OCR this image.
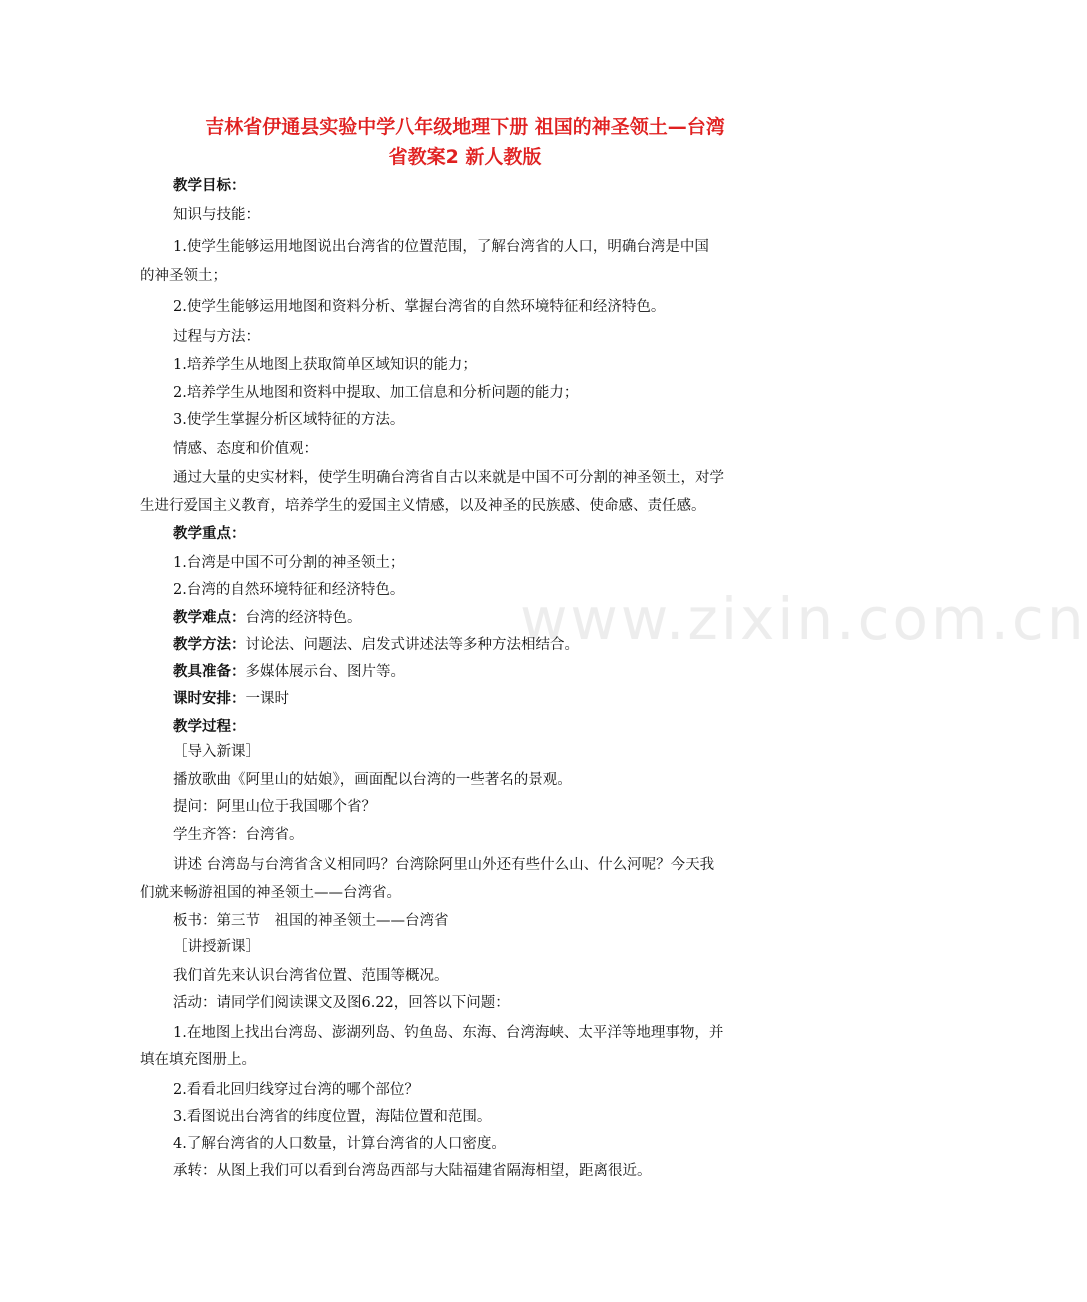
www.zixin.com.cn
吉林省伊通县实验中学八年级地理下册 祖国的神圣领土—台湾
省教案2 新人教版
教学目标：
知识与技能：
1.使学生能够运用地图说出台湾省的位置范围，了解台湾省的人口，明确台湾是中国
的神圣领土；
2.使学生能够运用地图和资料分析、掌握台湾省的自然环境特征和经济特色。
过程与方法：
1.培养学生从地图上获取简单区域知识的能力；
2.培养学生从地图和资料中提取、加工信息和分析问题的能力；
3.使学生掌握分析区域特征的方法。
情感、态度和价值观：
通过大量的史实材料，使学生明确台湾省自古以来就是中国不可分割的神圣领土，对学
生进行爱国主义教育，培养学生的爱国主义情感，以及神圣的民族感、使命感、责任感。
教学重点：
1.台湾是中国不可分割的神圣领土；
2.台湾的自然环境特征和经济特色。
教学难点：台湾的经济特色。
教学方法：讨论法、问题法、启发式讲述法等多种方法相结合。
教具准备：多媒体展示台、图片等。
课时安排：一课时
教学过程：
［导入新课］
播放歌曲《阿里山的姑娘》，画面配以台湾的一些著名的景观。
提问：阿里山位于我国哪个省？
学生齐答：台湾省。
讲述 台湾岛与台湾省含义相同吗？台湾除阿里山外还有些什么山、什么河呢？今天我
们就来畅游祖国的神圣领土——台湾省。
板书：第三节　祖国的神圣领土——台湾省
［讲授新课］
我们首先来认识台湾省位置、范围等概况。
活动：请同学们阅读课文及图6.22，回答以下问题：
1.在地图上找出台湾岛、澎湖列岛、钓鱼岛、东海、台湾海峡、太平洋等地理事物，并
填在填充图册上。
2.看看北回归线穿过台湾的哪个部位？
3.看图说出台湾省的纬度位置，海陆位置和范围。
4.了解台湾省的人口数量，计算台湾省的人口密度。
承转：从图上我们可以看到台湾岛西部与大陆福建省隔海相望，距离很近。
